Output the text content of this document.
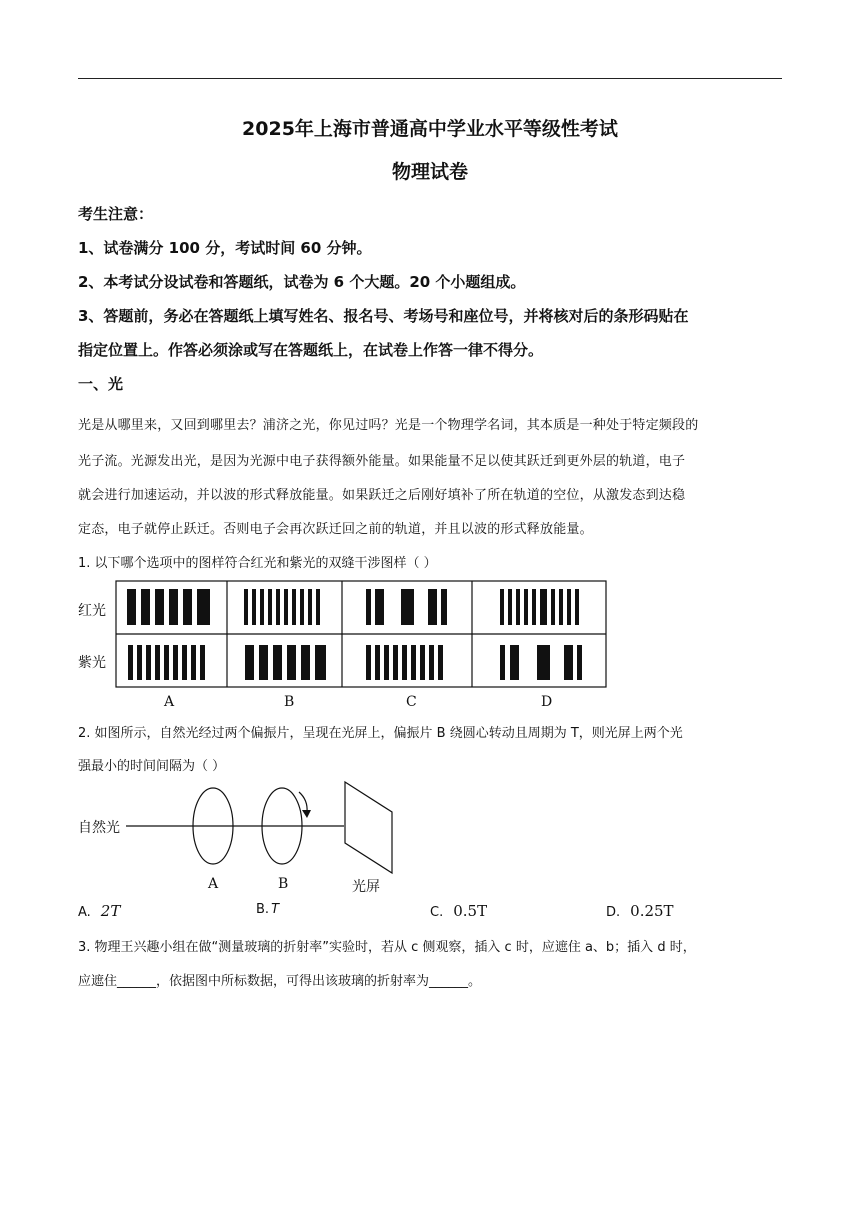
2025年上海市普通高中学业水平等级性考试
物理试卷
考生注意：
1、试卷满分 100 分，考试时间 60 分钟。
2、本考试分设试卷和答题纸，试卷为 6 个大题。20 个小题组成。
3、答题前，务必在答题纸上填写姓名、报名号、考场号和座位号，并将核对后的条形码贴在
指定位置上。作答必须涂或写在答题纸上，在试卷上作答一律不得分。
一、光
光是从哪里来，又回到哪里去？浦济之光，你见过吗？光是一个物理学名词，其本质是一种处于特定频段的
光子流。光源发出光，是因为光源中电子获得额外能量。如果能量不足以使其跃迁到更外层的轨道，电子
就会进行加速运动，并以波的形式释放能量。如果跃迁之后刚好填补了所在轨道的空位，从激发态到达稳
定态，电子就停止跃迁。否则电子会再次跃迁回之前的轨道，并且以波的形式释放能量。
1. 以下哪个选项中的图样符合红光和紫光的双缝干涉图样（ ）
红光
紫光
A	B	C	D
2. 如图所示，自然光经过两个偏振片，呈现在光屏上，偏振片 B 绕圆心转动且周期为 T，则光屏上两个光
强最小的时间间隔为（ ）
自然光
A	B	光屏
A. 2T	B. T	C. 0.5T	D. 0.25T
3. 物理王兴趣小组在做“测量玻璃的折射率”实验时，若从 c 侧观察，插入 c 时，应遮住 a、b；插入 d 时，
应遮住______，依据图中所标数据，可得出该玻璃的折射率为______。
